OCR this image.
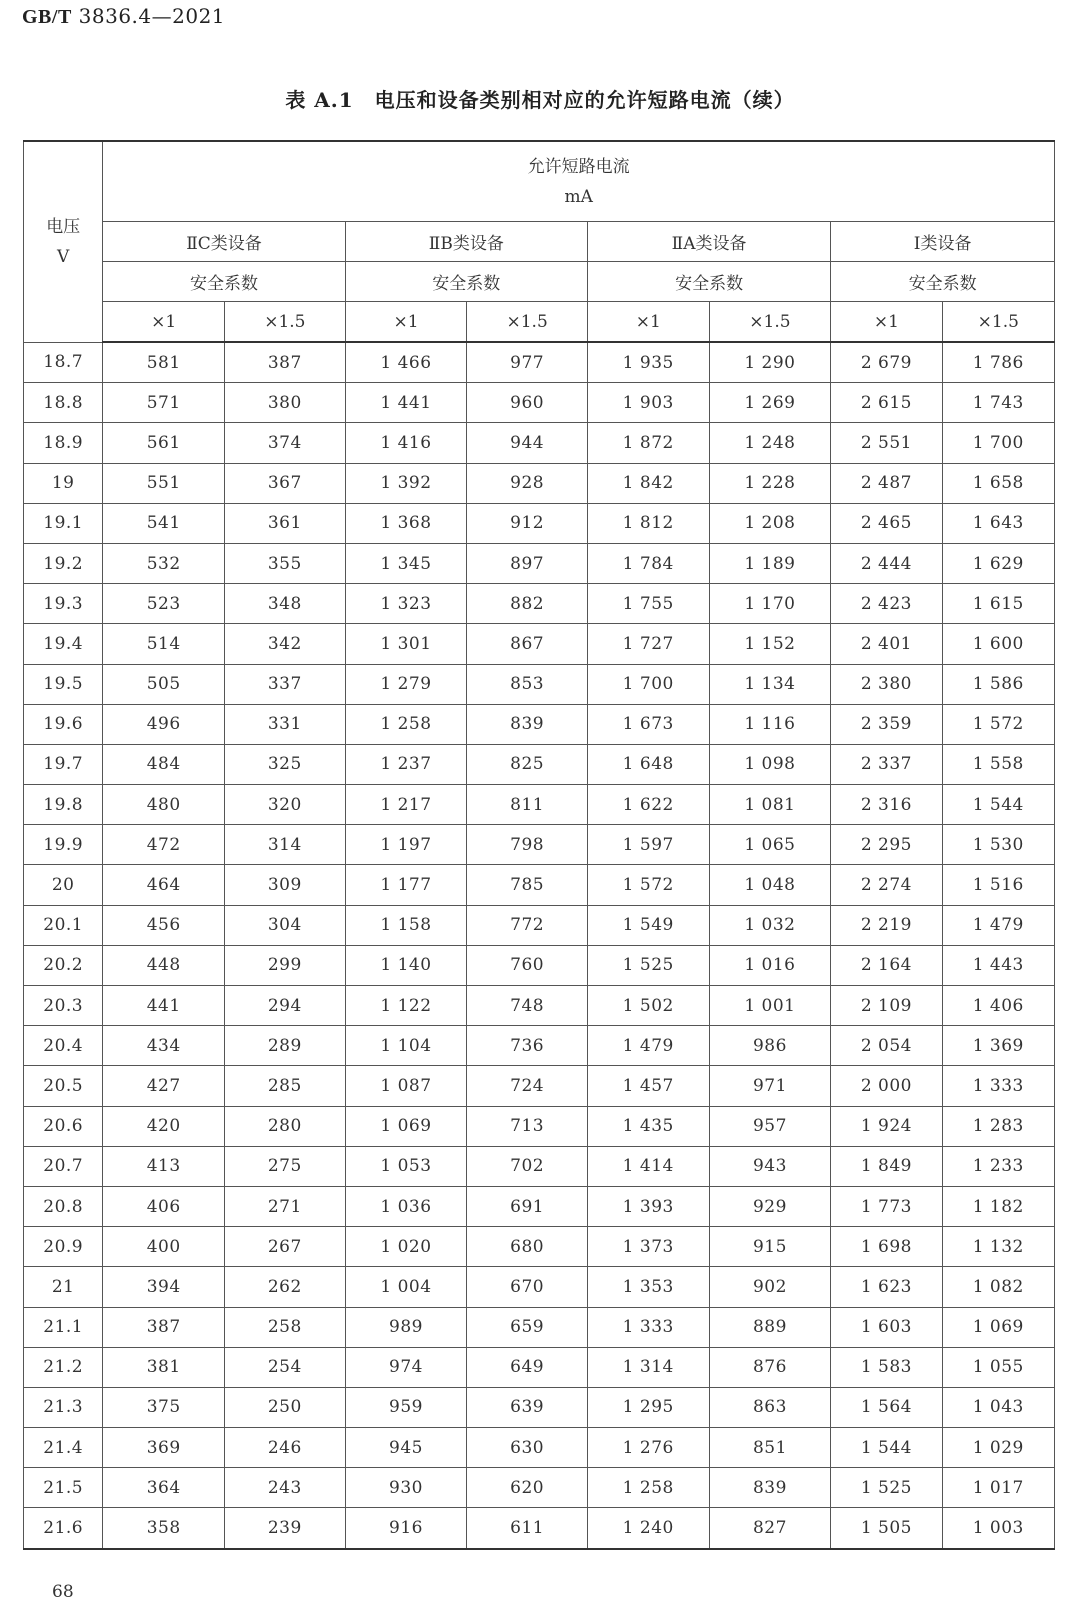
GB/T 3836.4—2021
表 A.1　电压和设备类别相对应的允许短路电流（续）
电压
V	允许短路电流
mA							

	ⅡC类设备		ⅡB类设备		ⅡA类设备		Ⅰ类设备	
	安全系数		安全系数		安全系数		安全系数	
	×1	×1.5	×1	×1.5	×1	×1.5	×1	×1.5
18.7	581	387	1 466	977	1 935	1 290	2 679	1 786
18.8	571	380	1 441	960	1 903	1 269	2 615	1 743
18.9	561	374	1 416	944	1 872	1 248	2 551	1 700
19	551	367	1 392	928	1 842	1 228	2 487	1 658
19.1	541	361	1 368	912	1 812	1 208	2 465	1 643
19.2	532	355	1 345	897	1 784	1 189	2 444	1 629
19.3	523	348	1 323	882	1 755	1 170	2 423	1 615
19.4	514	342	1 301	867	1 727	1 152	2 401	1 600
19.5	505	337	1 279	853	1 700	1 134	2 380	1 586
19.6	496	331	1 258	839	1 673	1 116	2 359	1 572
19.7	484	325	1 237	825	1 648	1 098	2 337	1 558
19.8	480	320	1 217	811	1 622	1 081	2 316	1 544
19.9	472	314	1 197	798	1 597	1 065	2 295	1 530
20	464	309	1 177	785	1 572	1 048	2 274	1 516
20.1	456	304	1 158	772	1 549	1 032	2 219	1 479
20.2	448	299	1 140	760	1 525	1 016	2 164	1 443
20.3	441	294	1 122	748	1 502	1 001	2 109	1 406
20.4	434	289	1 104	736	1 479	986	2 054	1 369
20.5	427	285	1 087	724	1 457	971	2 000	1 333
20.6	420	280	1 069	713	1 435	957	1 924	1 283
20.7	413	275	1 053	702	1 414	943	1 849	1 233
20.8	406	271	1 036	691	1 393	929	1 773	1 182
20.9	400	267	1 020	680	1 373	915	1 698	1 132
21	394	262	1 004	670	1 353	902	1 623	1 082
21.1	387	258	989	659	1 333	889	1 603	1 069
21.2	381	254	974	649	1 314	876	1 583	1 055
21.3	375	250	959	639	1 295	863	1 564	1 043
21.4	369	246	945	630	1 276	851	1 544	1 029
21.5	364	243	930	620	1 258	839	1 525	1 017
21.6	358	239	916	611	1 240	827	1 505	1 003
68
